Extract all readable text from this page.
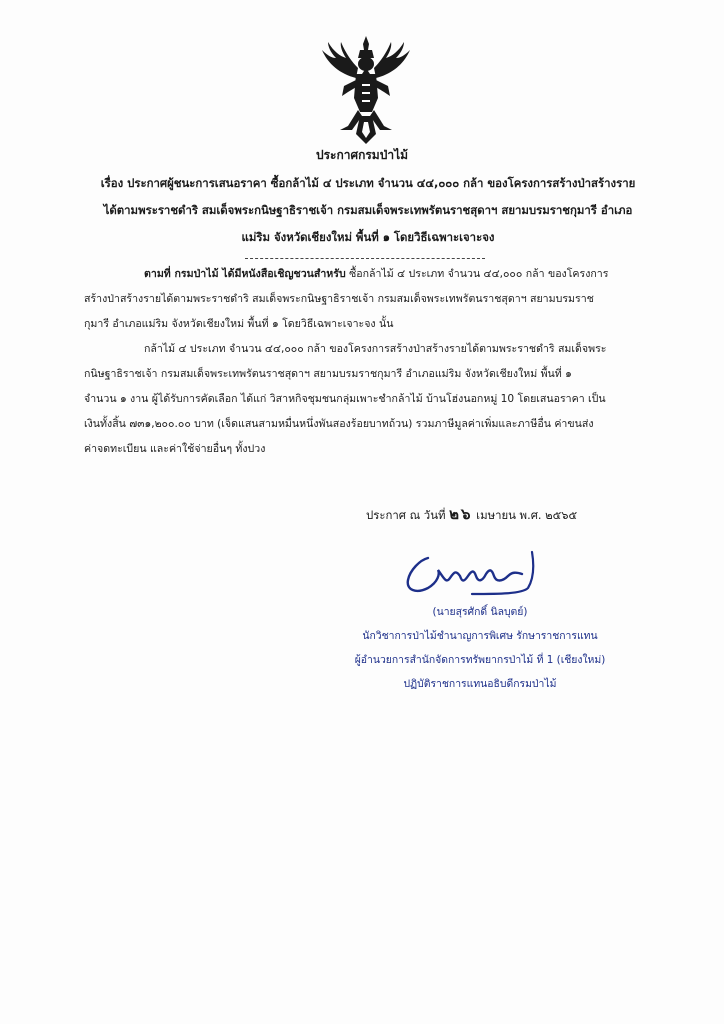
ประกาศกรมป่าไม้
เรื่อง ประกาศผู้ชนะการเสนอราคา ซื้อกล้าไม้ ๔ ประเภท จำนวน ๔๔,๐๐๐ กล้า ของโครงการสร้างป่าสร้างราย
ได้ตามพระราชดำริ สมเด็จพระกนิษฐาธิราชเจ้า กรมสมเด็จพระเทพรัตนราชสุดาฯ สยามบรมราชกุมารี อำเภอ
แม่ริม จังหวัดเชียงใหม่ พื้นที่ ๑ โดยวิธีเฉพาะเจาะจง
ตามที่ กรมป่าไม้ ได้มีหนังสือเชิญชวนสำหรับ ซื้อกล้าไม้ ๔ ประเภท จำนวน ๔๔,๐๐๐ กล้า ของโครงการ
สร้างป่าสร้างรายได้ตามพระราชดำริ สมเด็จพระกนิษฐาธิราชเจ้า กรมสมเด็จพระเทพรัตนราชสุดาฯ สยามบรมราช
กุมารี อำเภอแม่ริม จังหวัดเชียงใหม่ พื้นที่ ๑ โดยวิธีเฉพาะเจาะจง นั้น
กล้าไม้ ๔ ประเภท จำนวน ๔๔,๐๐๐ กล้า ของโครงการสร้างป่าสร้างรายได้ตามพระราชดำริ สมเด็จพระ
กนิษฐาธิราชเจ้า กรมสมเด็จพระเทพรัตนราชสุดาฯ สยามบรมราชกุมารี อำเภอแม่ริม จังหวัดเชียงใหม่ พื้นที่ ๑
จำนวน ๑ งาน ผู้ได้รับการคัดเลือก ได้แก่ วิสาหกิจชุมชนกลุ่มเพาะชำกล้าไม้ บ้านโฮ่งนอกหมู่ 10 โดยเสนอราคา เป็น
เงินทั้งสิ้น ๗๓๑,๒๐๐.๐๐ บาท (เจ็ดแสนสามหมื่นหนึ่งพันสองร้อยบาทถ้วน) รวมภาษีมูลค่าเพิ่มและภาษีอื่น ค่าขนส่ง
ค่าจดทะเบียน และค่าใช้จ่ายอื่นๆ ทั้งปวง
ประกาศ ณ วันที่ ๒๖ เมษายน พ.ศ. ๒๕๖๕
(นายสุรศักดิ์ นิลบุตย์)
นักวิชาการป่าไม้ชำนาญการพิเศษ รักษาราชการแทน
ผู้อำนวยการสำนักจัดการทรัพยากรป่าไม้ ที่ 1 (เชียงใหม่)
ปฏิบัติราชการแทนอธิบดีกรมป่าไม้
